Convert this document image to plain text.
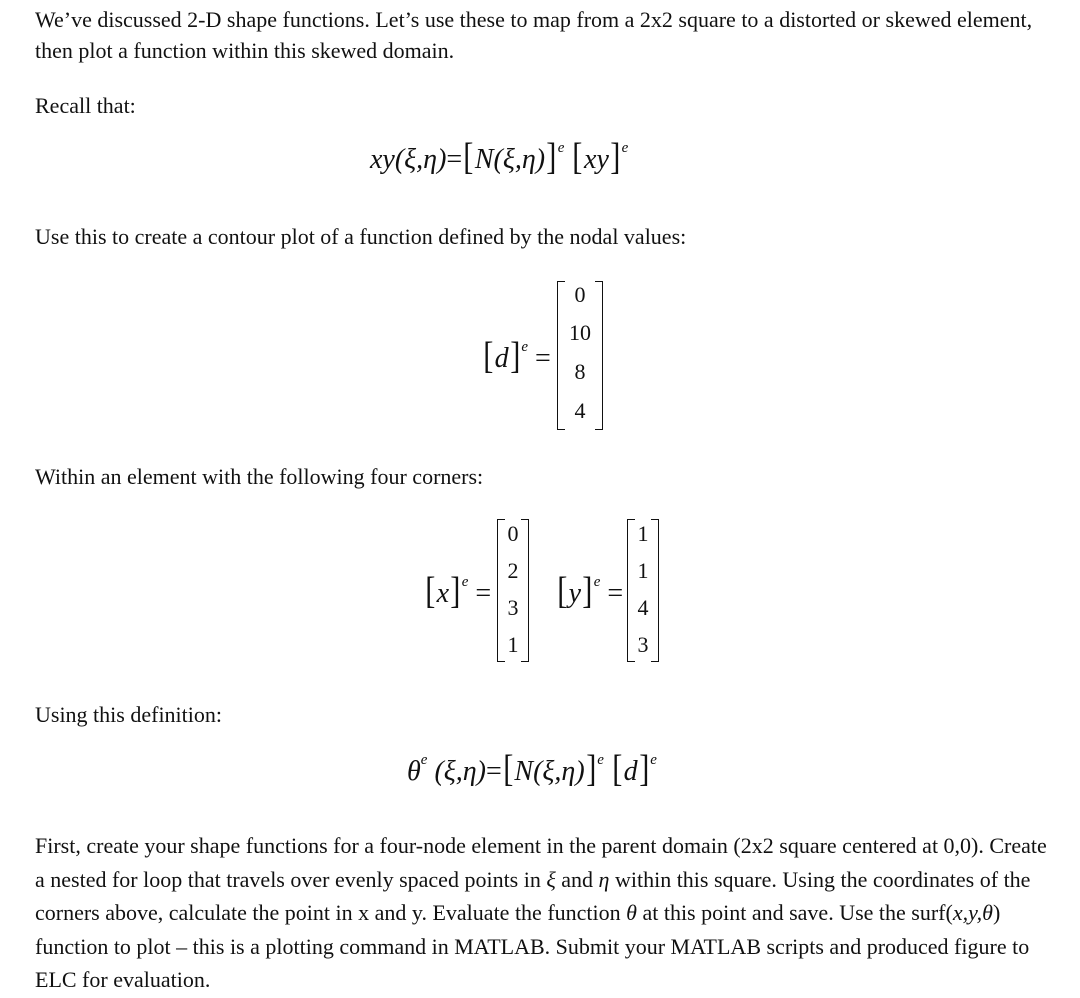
We’ve discussed 2-D shape functions. Let’s use these to map from a 2x2 square to a distorted or skewed element, then plot a function within this skewed domain.
Recall that:
$xy(\xi,\eta)=[N(\xi,\eta)]^e$ [xy]$^e$
Use this to create a contour plot of a function defined by the nodal values:
$[d]^e$ =
0
10
8
4
Within an element with the following four corners:
$[x]^e$ =
0
2
3
1
$[y]^e$ =
1
1
4
3
Using this definition:
$\theta^e$ $(\xi,\eta)=[N(\xi,\eta)]^e$ $[d]^e$
First, create your shape functions for a four-node element in the parent domain (2x2 square centered at 0,0). Create a nested for loop that travels over evenly spaced points in ξ and η within this square. Using the coordinates of the corners above, calculate the point in x and y. Evaluate the function θ at this point and save. Use the surf(x,y,θ) function to plot – this is a plotting command in MATLAB. Submit your MATLAB scripts and produced figure to ELC for evaluation.
